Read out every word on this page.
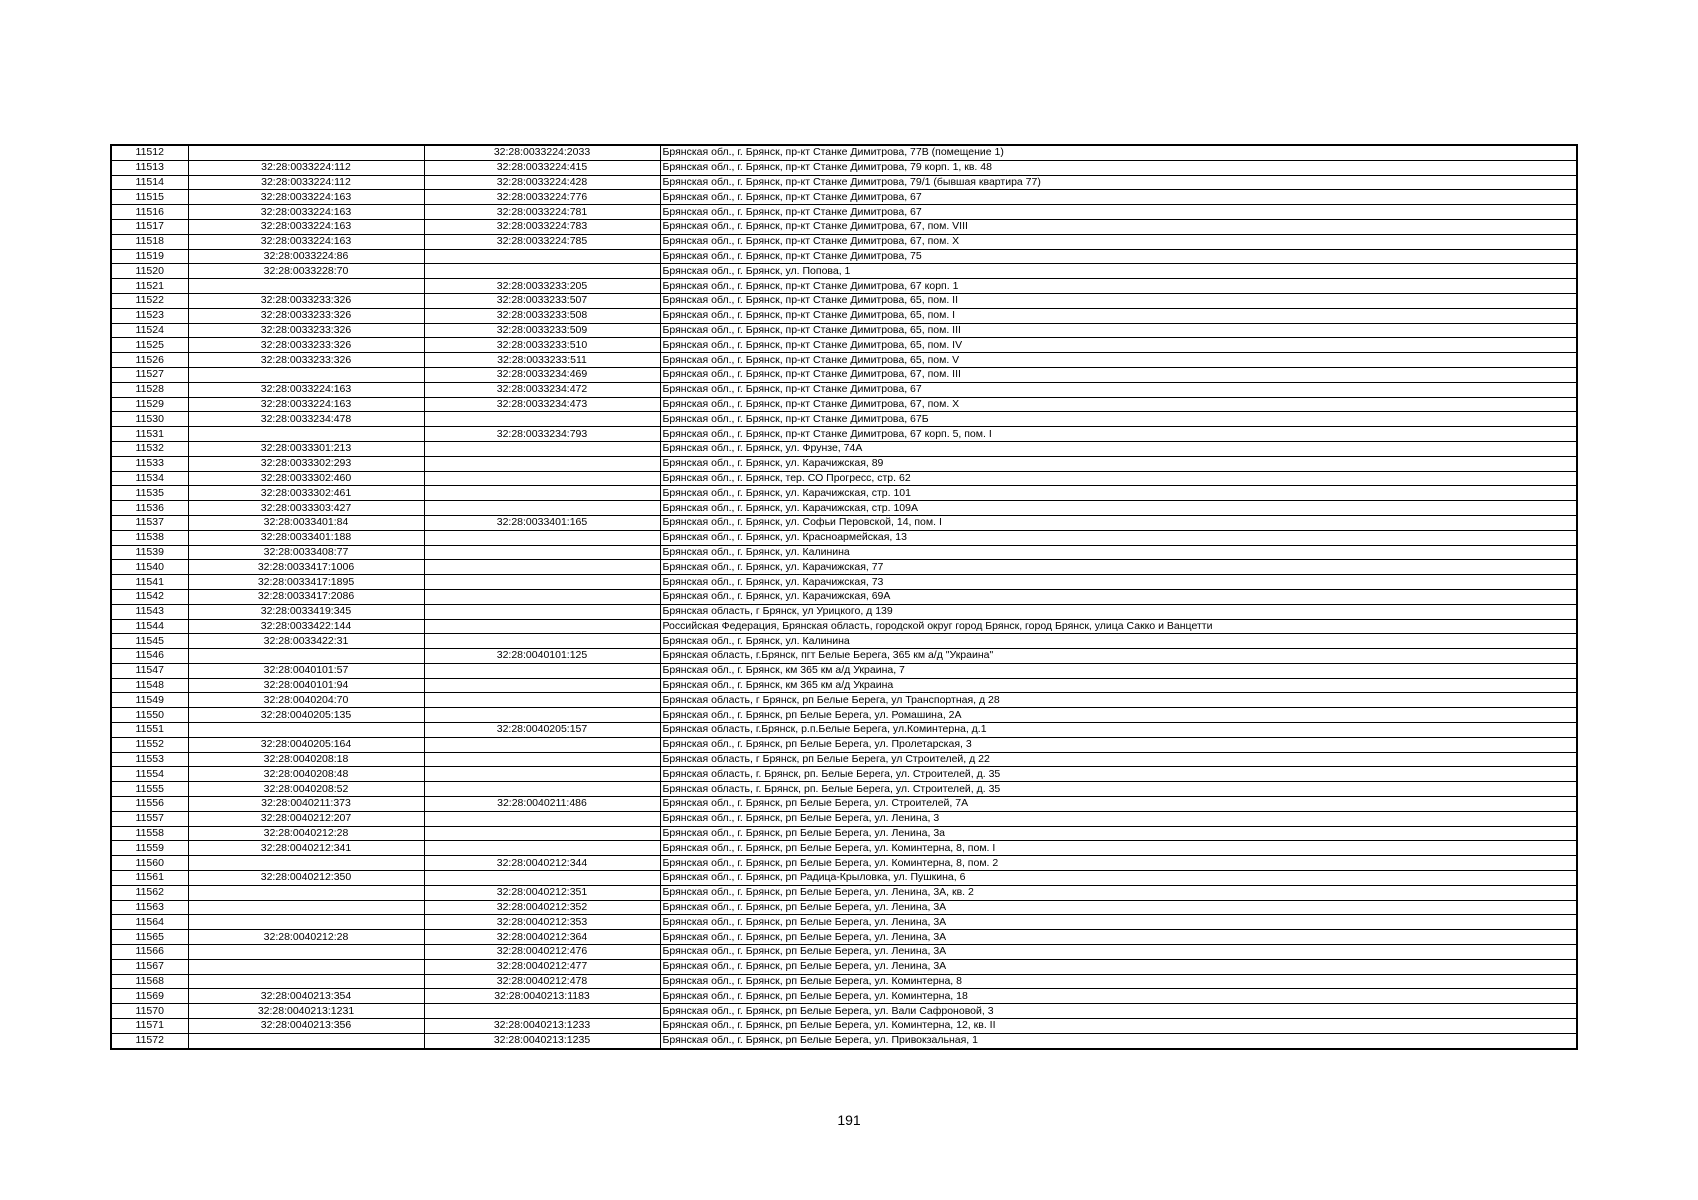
11512		32:28:0033224:2033	Брянская обл., г. Брянск, пр-кт Станке Димитрова, 77В (помещение 1)
11513	32:28:0033224:112	32:28:0033224:415	Брянская обл., г. Брянск, пр-кт Станке Димитрова, 79 корп. 1, кв. 48
11514	32:28:0033224:112	32:28:0033224:428	Брянская обл., г. Брянск, пр-кт Станке Димитрова, 79/1 (бывшая квартира 77)
11515	32:28:0033224:163	32:28:0033224:776	Брянская обл., г. Брянск, пр-кт Станке Димитрова, 67
11516	32:28:0033224:163	32:28:0033224:781	Брянская обл., г. Брянск, пр-кт Станке Димитрова, 67
11517	32:28:0033224:163	32:28:0033224:783	Брянская обл., г. Брянск, пр-кт Станке Димитрова, 67, пом. VIII
11518	32:28:0033224:163	32:28:0033224:785	Брянская обл., г. Брянск, пр-кт Станке Димитрова, 67, пом. X
11519	32:28:0033224:86		Брянская обл., г. Брянск, пр-кт Станке Димитрова, 75
11520	32:28:0033228:70		Брянская обл., г. Брянск, ул. Попова, 1
11521		32:28:0033233:205	Брянская обл., г. Брянск, пр-кт Станке Димитрова, 67 корп. 1
11522	32:28:0033233:326	32:28:0033233:507	Брянская обл., г. Брянск, пр-кт Станке Димитрова, 65, пом. II
11523	32:28:0033233:326	32:28:0033233:508	Брянская обл., г. Брянск, пр-кт Станке Димитрова, 65, пом. I
11524	32:28:0033233:326	32:28:0033233:509	Брянская обл., г. Брянск, пр-кт Станке Димитрова, 65, пом. III
11525	32:28:0033233:326	32:28:0033233:510	Брянская обл., г. Брянск, пр-кт Станке Димитрова, 65, пом. IV
11526	32:28:0033233:326	32:28:0033233:511	Брянская обл., г. Брянск, пр-кт Станке Димитрова, 65, пом. V
11527		32:28:0033234:469	Брянская обл., г. Брянск, пр-кт Станке Димитрова, 67, пом. III
11528	32:28:0033224:163	32:28:0033234:472	Брянская обл., г. Брянск, пр-кт Станке Димитрова, 67
11529	32:28:0033224:163	32:28:0033234:473	Брянская обл., г. Брянск, пр-кт Станке Димитрова, 67, пом. X
11530	32:28:0033234:478		Брянская обл., г. Брянск, пр-кт Станке Димитрова, 67Б
11531		32:28:0033234:793	Брянская обл., г. Брянск, пр-кт Станке Димитрова, 67 корп. 5, пом. I
11532	32:28:0033301:213		Брянская обл., г. Брянск, ул. Фрунзе, 74А
11533	32:28:0033302:293		Брянская обл., г. Брянск, ул. Карачижская, 89
11534	32:28:0033302:460		Брянская обл., г. Брянск, тер. СО Прогресс, стр. 62
11535	32:28:0033302:461		Брянская обл., г. Брянск, ул. Карачижская, стр. 101
11536	32:28:0033303:427		Брянская обл., г. Брянск, ул. Карачижская, стр. 109А
11537	32:28:0033401:84	32:28:0033401:165	Брянская обл., г. Брянск, ул. Софьи Перовской, 14, пом. I
11538	32:28:0033401:188		Брянская обл., г. Брянск, ул. Красноармейская, 13
11539	32:28:0033408:77		Брянская обл., г. Брянск, ул. Калинина
11540	32:28:0033417:1006		Брянская обл., г. Брянск, ул. Карачижская, 77
11541	32:28:0033417:1895		Брянская обл., г. Брянск, ул. Карачижская, 73
11542	32:28:0033417:2086		Брянская обл., г. Брянск, ул. Карачижская, 69А
11543	32:28:0033419:345		Брянская область, г Брянск, ул Урицкого, д 139
11544	32:28:0033422:144		Российская Федерация, Брянская область, городской округ город Брянск, город Брянск, улица Сакко и Ванцетти
11545	32:28:0033422:31		Брянская обл., г. Брянск, ул. Калинина
11546		32:28:0040101:125	Брянская область, г.Брянск, пгт Белые Берега, 365 км а/д "Украина"
11547	32:28:0040101:57		Брянская обл., г. Брянск, км 365 км а/д Украина, 7
11548	32:28:0040101:94		Брянская обл., г. Брянск, км 365 км а/д Украина
11549	32:28:0040204:70		Брянская область, г Брянск, рп Белые Берега, ул Транспортная, д 28
11550	32:28:0040205:135		Брянская обл., г. Брянск, рп Белые Берега, ул. Ромашина, 2А
11551		32:28:0040205:157	Брянская область, г.Брянск, р.п.Белые Берега, ул.Коминтерна, д.1
11552	32:28:0040205:164		Брянская обл., г. Брянск, рп Белые Берега, ул. Пролетарская, 3
11553	32:28:0040208:18		Брянская область, г Брянск, рп Белые Берега, ул Строителей, д 22
11554	32:28:0040208:48		Брянская область, г. Брянск, рп. Белые Берега, ул. Строителей, д. 35
11555	32:28:0040208:52		Брянская область, г. Брянск, рп. Белые Берега, ул. Строителей, д. 35
11556	32:28:0040211:373	32:28:0040211:486	Брянская обл., г. Брянск, рп Белые Берега, ул. Строителей, 7А
11557	32:28:0040212:207		Брянская обл., г. Брянск, рп Белые Берега, ул. Ленина, 3
11558	32:28:0040212:28		Брянская обл., г. Брянск, рп Белые Берега, ул. Ленина, 3а
11559	32:28:0040212:341		Брянская обл., г. Брянск, рп Белые Берега, ул. Коминтерна, 8, пом. I
11560		32:28:0040212:344	Брянская обл., г. Брянск, рп Белые Берега, ул. Коминтерна, 8, пом. 2
11561	32:28:0040212:350		Брянская обл., г. Брянск, рп Радица-Крыловка, ул. Пушкина, 6
11562		32:28:0040212:351	Брянская обл., г. Брянск, рп Белые Берега, ул. Ленина, 3А, кв. 2
11563		32:28:0040212:352	Брянская обл., г. Брянск, рп Белые Берега, ул. Ленина, 3А
11564		32:28:0040212:353	Брянская обл., г. Брянск, рп Белые Берега, ул. Ленина, 3А
11565	32:28:0040212:28	32:28:0040212:364	Брянская обл., г. Брянск, рп Белые Берега, ул. Ленина, 3А
11566		32:28:0040212:476	Брянская обл., г. Брянск, рп Белые Берега, ул. Ленина, 3А
11567		32:28:0040212:477	Брянская обл., г. Брянск, рп Белые Берега, ул. Ленина, 3А
11568		32:28:0040212:478	Брянская обл., г. Брянск, рп Белые Берега, ул. Коминтерна, 8
11569	32:28:0040213:354	32:28:0040213:1183	Брянская обл., г. Брянск, рп Белые Берега, ул. Коминтерна, 18
11570	32:28:0040213:1231		Брянская обл., г. Брянск, рп Белые Берега, ул. Вали Сафроновой, 3
11571	32:28:0040213:356	32:28:0040213:1233	Брянская обл., г. Брянск, рп Белые Берега, ул. Коминтерна, 12, кв. II
11572		32:28:0040213:1235	Брянская обл., г. Брянск, рп Белые Берега, ул. Привокзальная, 1
191
